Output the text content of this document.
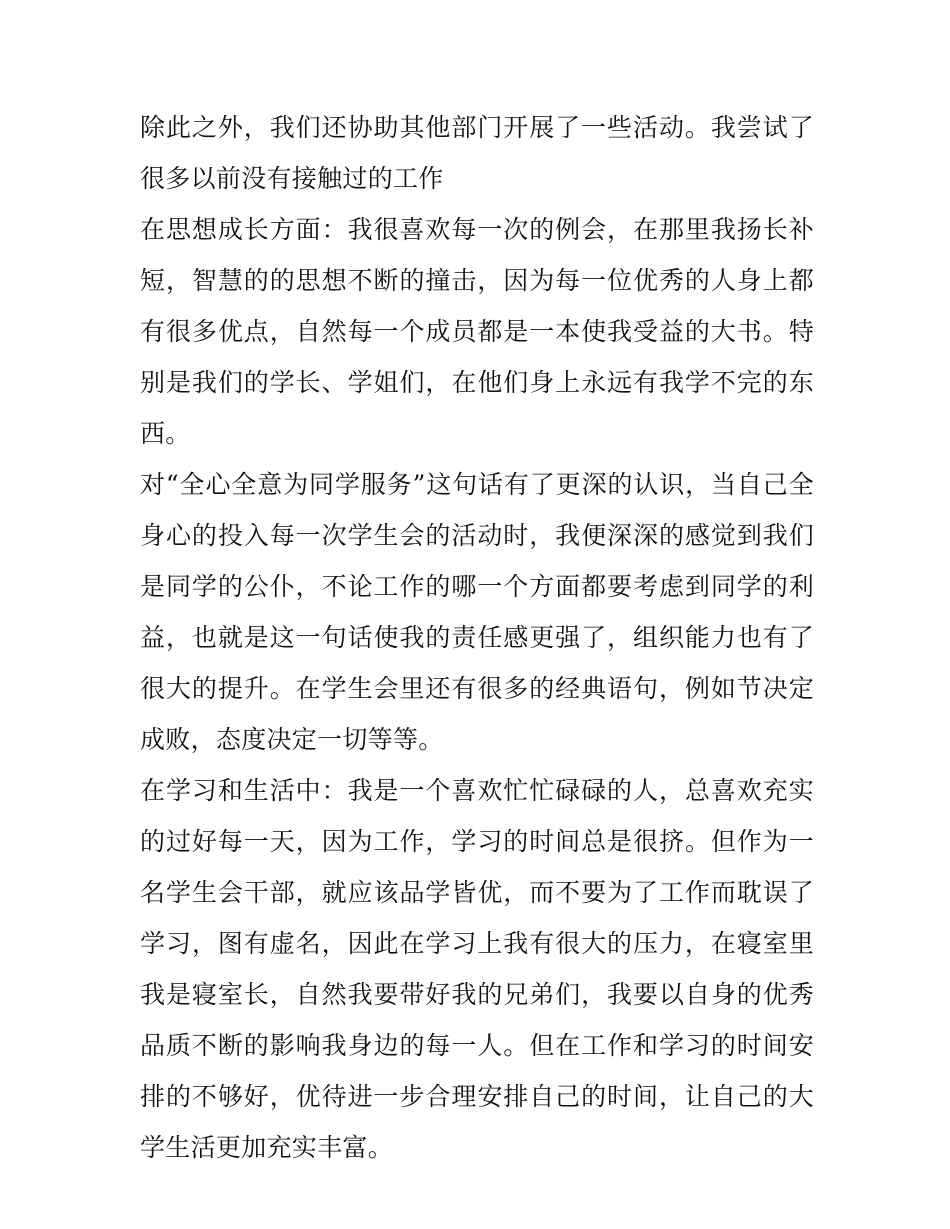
除此之外，我们还协助其他部门开展了一些活动。我尝试了很多以前没有接触过的工作

在思想成长方面：我很喜欢每一次的例会，在那里我扬长补短，智慧的的思想不断的撞击，因为每一位优秀的人身上都有很多优点，自然每一个成员都是一本使我受益的大书。特别是我们的学长、学姐们，在他们身上永远有我学不完的东西。

对“全心全意为同学服务”这句话有了更深的认识，当自己全身心的投入每一次学生会的活动时，我便深深的感觉到我们是同学的公仆，不论工作的哪一个方面都要考虑到同学的利益，也就是这一句话使我的责任感更强了，组织能力也有了很大的提升。在学生会里还有很多的经典语句，例如节决定成败，态度决定一切等等。

在学习和生活中：我是一个喜欢忙忙碌碌的人，总喜欢充实的过好每一天，因为工作，学习的时间总是很挤。但作为一名学生会干部，就应该品学皆优，而不要为了工作而耽误了学习，图有虚名，因此在学习上我有很大的压力，在寝室里我是寝室长，自然我要带好我的兄弟们，我要以自身的优秀品质不断的影响我身边的每一人。但在工作和学习的时间安排的不够好，优待进一步合理安排自己的时间，让自己的大学生活更加充实丰富。
